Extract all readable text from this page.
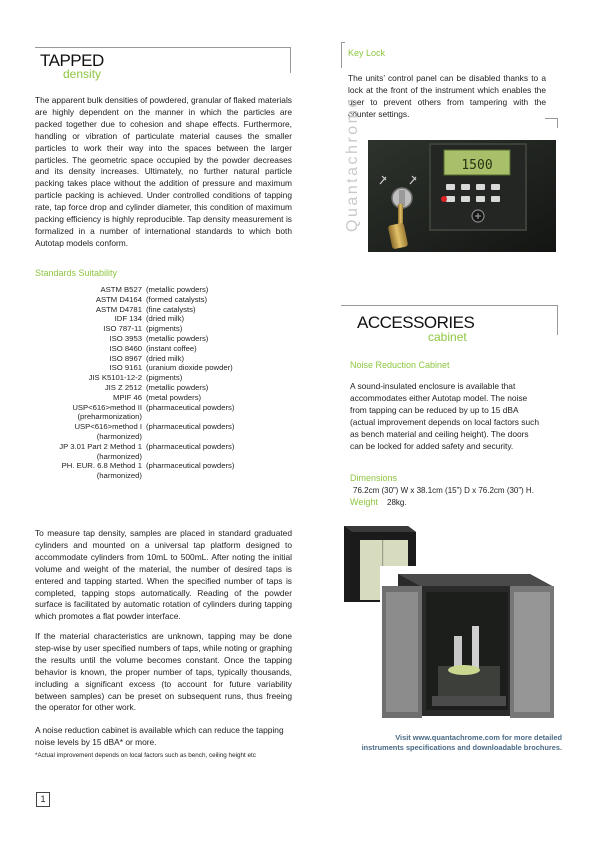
TAPPED
density
The apparent bulk densities of powdered, granular of flaked materials are highly dependent on the manner in which the particles are packed together due to cohesion and shape effects. Furthermore, handling or vibration of particulate material causes the smaller particles to work their way into the spaces between the larger particles. The geometric space occupied by the powder decreases and its density increases. Ultimately, no further natural particle packing takes place without the addition of pressure and maximum particle packing is achieved. Under controlled conditions of tapping rate, tap force drop and cylinder diameter, this condition of maximum packing efficiency is highly reproducible. Tap density measurement is formalized in a number of international standards to which both Autotap models conform.
Standards Suitability
ASTM B527	(metallic powders)

ASTM D4164	(formed catalysts)

ASTM D4781	(fine catalysts)

IDF 134	(dried milk)

ISO 787-11	(pigments)

ISO 3953	(metallic powders)

ISO 8460	(instant coffee)

ISO 8967	(dried milk)

ISO 9161	(uranium dioxide powder)

JIS K5101-12-2	(pigments)

JIS Z 2512	(metallic powders)

MPIF 46	(metal powders)

USP<616>method II
(preharmonization)	(pharmaceutical powders)

USP<616>method I
(harmonized)	(pharmaceutical powders)

JP 3.01 Part 2 Method 1
(harmonized)	(pharmaceutical powders)

PH. EUR. 6.8 Method 1
(harmonized)	(pharmaceutical powders)
To measure tap density, samples are placed in standard graduated cylinders and mounted on a universal tap platform designed to accommodate cylinders from 10mL to 500mL. After noting the initial volume and weight of the material, the number of desired taps is entered and tapping started. When the specified number of taps is completed, tapping stops automatically. Reading of the powder surface is facilitated by automatic rotation of cylinders during tapping which promotes a flat powder interface.
If the material characteristics are unknown, tapping may be done step-wise by user specified numbers of taps, while noting or graphing the results until the volume becomes constant. Once the tapping behavior is known, the proper number of taps, typically thousands, including a significant excess (to account for future variability between samples) can be preset on subsequent runs, thus freeing the operator for other work.
A noise reduction cabinet is available which can reduce the tapping noise levels by 15 dBA* or more.
*Actual improvement depends on local factors such as bench, ceiling height etc
Key Lock
The units’ control panel can be disabled thanks to a lock at the front of the instrument which enables the user to prevent others from tampering with the counter settings.
Quantachrome	1500
ACCESSORIES
cabinet
Noise Reduction Cabinet
A sound-insulated enclosure is available that accommodates either Autotap model. The noise from tapping can be reduced by up to 15 dBA (actual improvement depends on local factors such as bench material and ceiling height). The doors can be locked for added safety and security.
Dimensions
76.2cm (30”) W x 38.1cm (15”) D x 76.2cm (30”) H.
Weight 28kg.
Visit www.quantachrome.com for more detailed
instruments specifications and downloadable brochures.
1
